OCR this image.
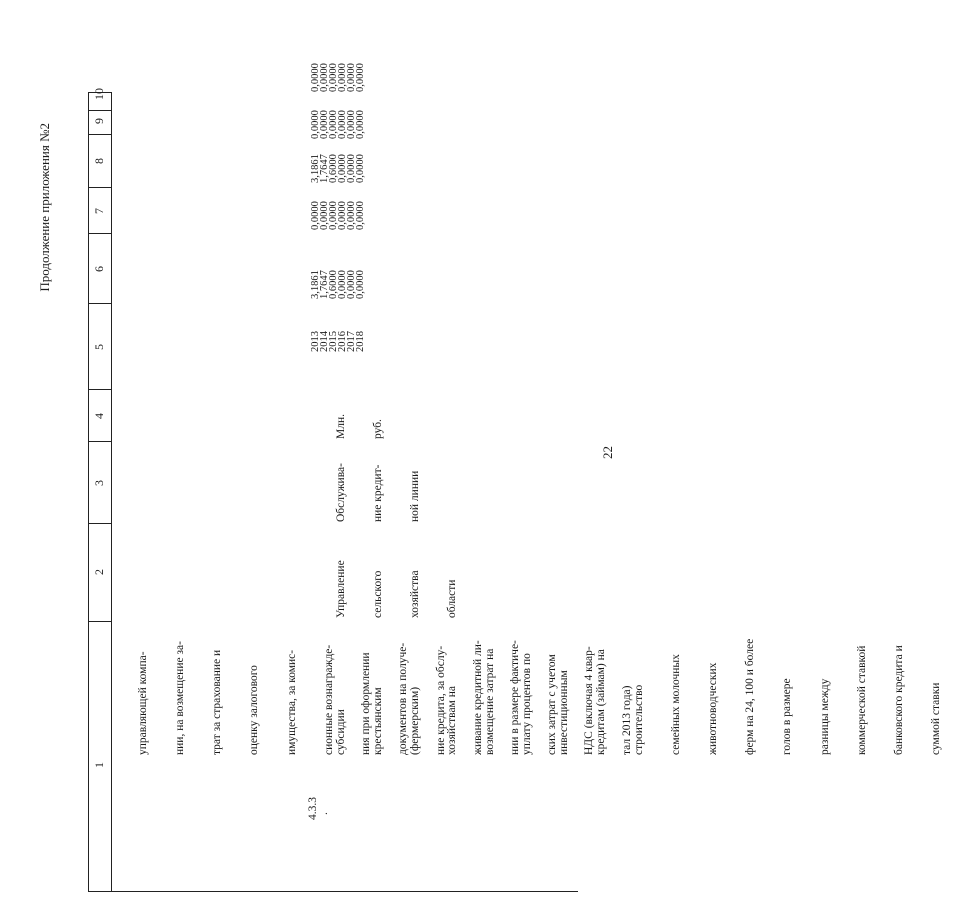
22
Продолжение приложения №2
1
2
3
4
5
6
7
8
9
10

управляющей компа-

нии, на возмещение за-

трат за страхование и

оценку залогового

имущества, за комис-

сионные вознагражде-

ния при оформлении

документов на получе-

ние кредита, за обслу-

живание кредитной ли-

нии в размере фактиче-

ских затрат с учетом

НДС (включая 4 квар-

тал 2013 года)

4.3.3 .

субсидии

крестьянским

(фермерским)

хозяйствам на

возмещение затрат на

уплату процентов по

инвестиционным

кредитам (займам) на

строительство

семейных молочных

животноводческих

ферм на 24, 100 и более

голов в размере

разницы между

коммерческой ставкой

банковского кредита и

суммой ставки

Управление

сельского

хозяйства

области

Обслужива-

ние кредит-

ной линии

Млн.

руб.

2013
2014
2015
2016
2017
2018
3,1861
1,7647
0,6000
0,0000
0,0000
0,0000
0,0000
0,0000
0,0000
0,0000
0,0000
0,0000
3,1861
1,7647
0,6000
0,0000
0,0000
0,0000
0,0000
0,0000
0,0000
0,0000
0,0000
0,0000
0,0000
0,0000
0,0000
0,0000
0,0000
0,0000
